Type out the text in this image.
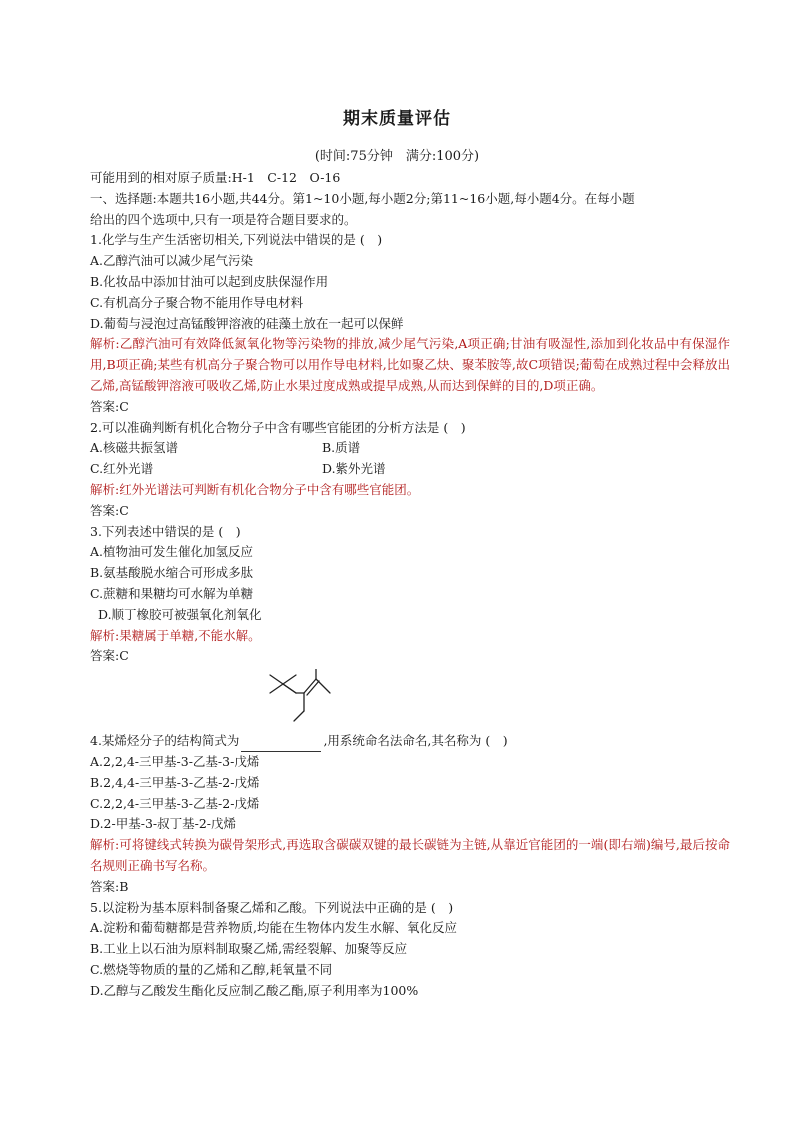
期末质量评估

(时间:75分钟　满分:100分)

可能用到的相对原子质量:H-1　C-12　O-16
一、选择题:本题共16小题,共44分。第1~10小题,每小题2分;第11~16小题,每小题4分。在每小题
给出的四个选项中,只有一项是符合题目要求的。
1.化学与生产生活密切相关,下列说法中错误的是 (　)
A.乙醇汽油可以减少尾气污染
B.化妆品中添加甘油可以起到皮肤保湿作用
C.有机高分子聚合物不能用作导电材料
D.葡萄与浸泡过高锰酸钾溶液的硅藻土放在一起可以保鲜
解析:乙醇汽油可有效降低氮氧化物等污染物的排放,减少尾气污染,A项正确;甘油有吸湿性,添加到化妆品中有保湿作用,B项正确;某些有机高分子聚合物可以用作导电材料,比如聚乙炔、聚苯胺等,故C项错误;葡萄在成熟过程中会释放出乙烯,高锰酸钾溶液可吸收乙烯,防止水果过度成熟或提早成熟,从而达到保鲜的目的,D项正确。
答案:C
2.可以准确判断有机化合物分子中含有哪些官能团的分析方法是 (　)
A.核磁共振氢谱	B.质谱
C.红外光谱	D.紫外光谱
解析:红外光谱法可判断有机化合物分子中含有哪些官能团。
答案:C
3.下列表述中错误的是 (　)
A.植物油可发生催化加氢反应
B.氨基酸脱水缩合可形成多肽
C.蔗糖和果糖均可水解为单糖
D.顺丁橡胶可被强氧化剂氧化
解析:果糖属于单糖,不能水解。
答案:C
4.某烯烃分子的结构简式为	,用系统命名法命名,其名称为 (　)
A.2,2,4-三甲基-3-乙基-3-戊烯
B.2,4,4-三甲基-3-乙基-2-戊烯
C.2,2,4-三甲基-3-乙基-2-戊烯
D.2-甲基-3-叔丁基-2-戊烯
解析:可将键线式转换为碳骨架形式,再选取含碳碳双键的最长碳链为主链,从靠近官能团的一端(即右端)编号,最后按命名规则正确书写名称。
答案:B
5.以淀粉为基本原料制备聚乙烯和乙酸。下列说法中正确的是 (　)
A.淀粉和葡萄糖都是营养物质,均能在生物体内发生水解、氧化反应
B.工业上以石油为原料制取聚乙烯,需经裂解、加聚等反应
C.燃烧等物质的量的乙烯和乙醇,耗氧量不同
D.乙醇与乙酸发生酯化反应制乙酸乙酯,原子利用率为100%
